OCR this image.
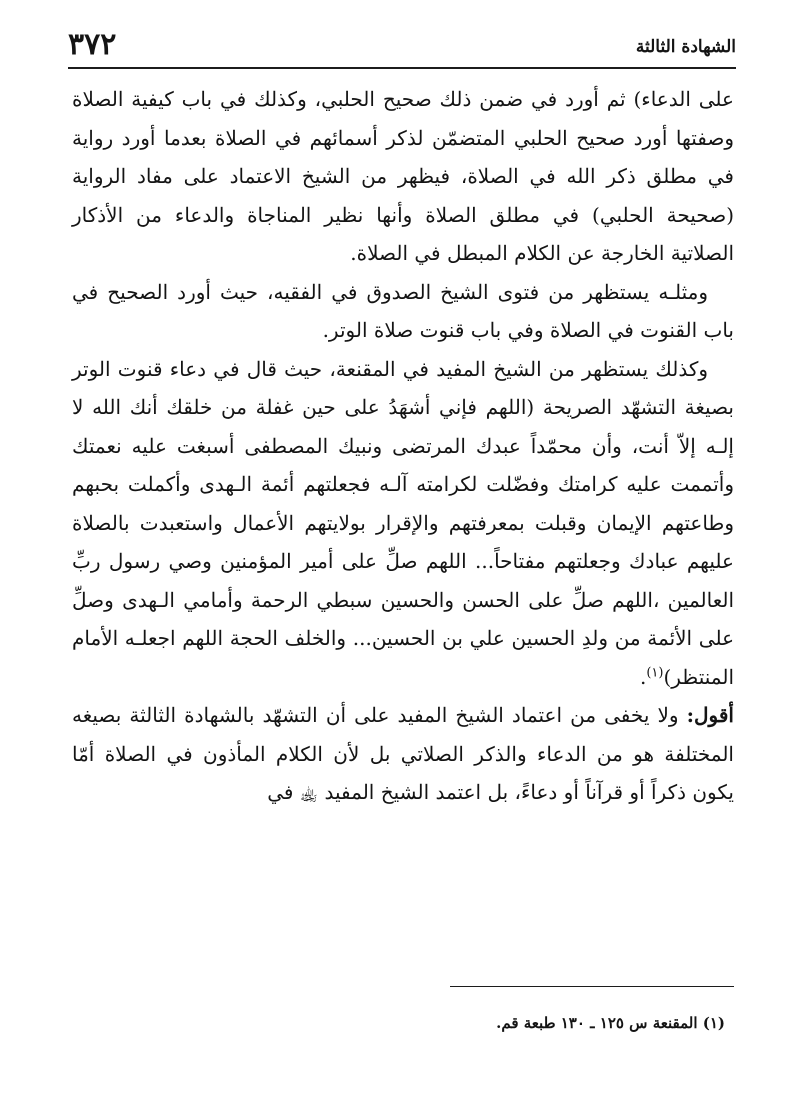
٣٧٢	الشهادة الثالثة

على الدعاء) ثم أورد في ضمن ذلك صحيح الحلبي، وكذلك في باب كيفية الصلاة وصفتها أورد صحيح الحلبي المتضمّن لذكر أسمائهم في الصلاة بعدما أورد رواية في مطلق ذكر الله في الصلاة، فيظهر من الشيخ الاعتماد على مفاد الرواية (صحيحة الحلبي) في مطلق الصلاة وأنها نظير المناجاة والدعاء من الأذكار الصلاتية الخارجة عن الكلام المبطل في الصلاة.

ومثلـه يستظهر من فتوى الشيخ الصدوق في الفقيه، حيث أورد الصحيح في باب القنوت في الصلاة وفي باب قنوت صلاة الوتر.

وكذلك يستظهر من الشيخ المفيد في المقنعة، حيث قال في دعاء قنوت الوتر بصيغة التشهّد الصريحة (اللهم فإني أشهَدُ على حين غفلة من خلقك أنك الله لا إلـه إلاّ أنت، وأن محمّداً عبدك المرتضى ونبيك المصطفى أسبغت عليه نعمتك وأتممت عليه كرامتك وفضّلت لكرامته آلـه فجعلتهم أئمة الـهدى وأكملت بحبهم وطاعتهم الإيمان وقبلت بمعرفتهم والإقرار بولايتهم الأعمال واستعبدت بالصلاة عليهم عبادك وجعلتهم مفتاحاً... اللهم صلِّ على أمير المؤمنين وصي رسول ربِّ العالمين ،اللهم صلِّ على الحسن والحسين سبطي الرحمة وأمامي الـهدى وصلِّ على الأئمة من ولدِ الحسين علي بن الحسين... والخلف الحجة اللهم اجعلـه الأمام المنتظر)$^{(١)}$.

أقول: ولا يخفى من اعتماد الشيخ المفيد على أن التشهّد بالشهادة الثالثة بصيغه المختلفة هو من الدعاء والذكر الصلاتي بل لأن الكلام المأذون في الصلاة أمّا يكون ذكراً أو قرآناً أو دعاءً، بل اعتمد الشيخ المفيد ﵀ في

(١) المقنعة س ١٢٥ ـ ١٣٠ طبعة قم.
